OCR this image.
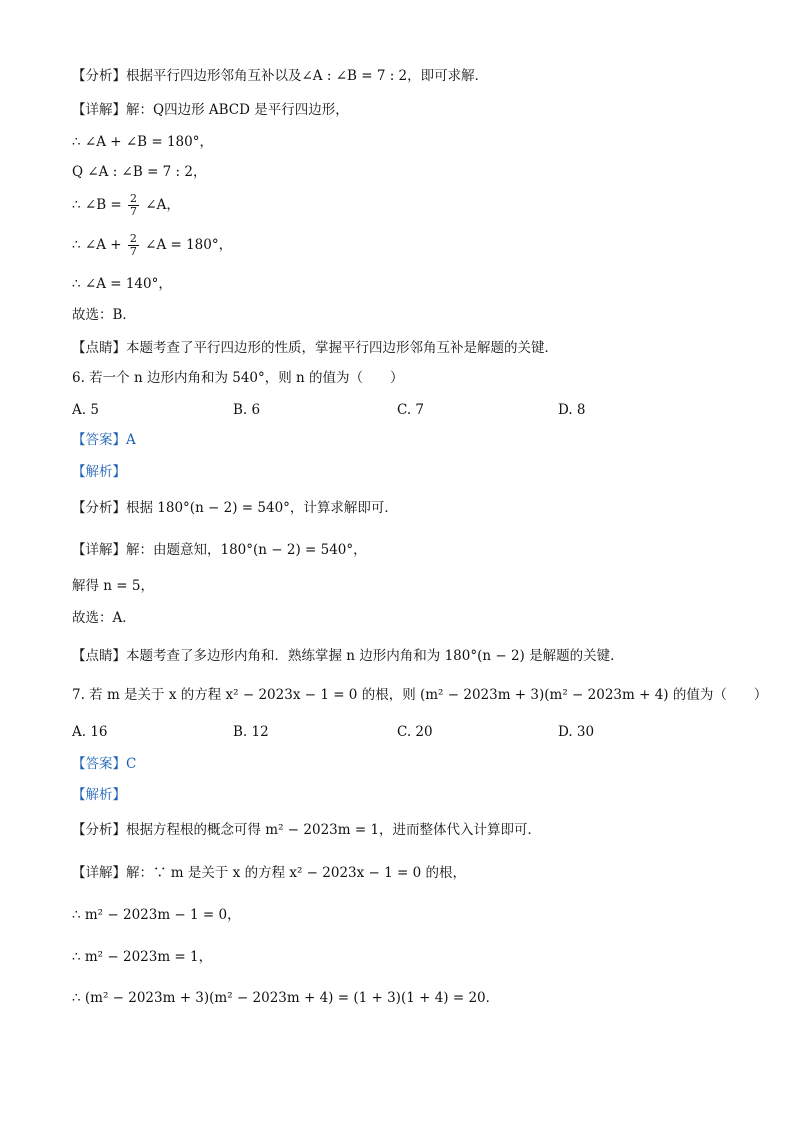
【分析】根据平行四边形邻角互补以及∠A : ∠B = 7 : 2，即可求解．
【详解】解：Q四边形 ABCD 是平行四边形，
∴ ∠A + ∠B = 180°，
Q ∠A : ∠B = 7 : 2，
∴ ∠B = $\frac{2}{7}$ ∠A，
∴ ∠A + $\frac{2}{7}$ ∠A = 180°，
∴ ∠A = 140°，
故选：B．
【点睛】本题考查了平行四边形的性质，掌握平行四边形邻角互补是解题的关键．
6. 若一个 n 边形内角和为 540°，则 n 的值为（　　）
A. 5	B. 6	C. 7	D. 8
【答案】A
【解析】
【分析】根据 180°(n − 2) = 540°，计算求解即可．
【详解】解：由题意知，180°(n − 2) = 540°，
解得 n = 5，
故选：A．
【点睛】本题考查了多边形内角和．熟练掌握 n 边形内角和为 180°(n − 2) 是解题的关键．
7. 若 m 是关于 x 的方程 x² − 2023x − 1 = 0 的根，则 (m² − 2023m + 3)(m² − 2023m + 4) 的值为（　　）
A. 16	B. 12	C. 20	D. 30
【答案】C
【解析】
【分析】根据方程根的概念可得 m² − 2023m = 1，进而整体代入计算即可．
【详解】解：∵ m 是关于 x 的方程 x² − 2023x − 1 = 0 的根，
∴ m² − 2023m − 1 = 0，
∴ m² − 2023m = 1，
∴ (m² − 2023m + 3)(m² − 2023m + 4) = (1 + 3)(1 + 4) = 20．
